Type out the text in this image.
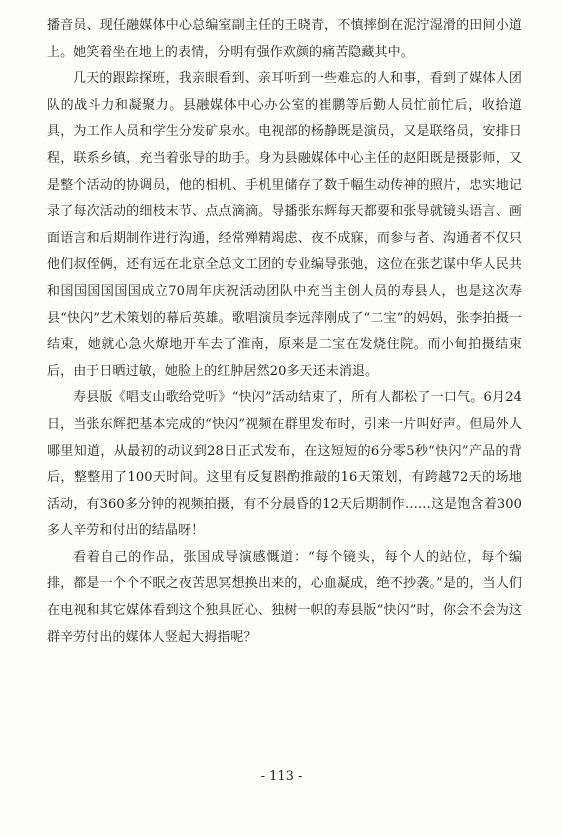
播音员、现任融媒体中心总编室副主任的王晓青，不慎摔倒在泥泞湿滑的田间小道上。她笑着坐在地上的表情，分明有强作欢颜的痛苦隐藏其中。

几天的跟踪探班，我亲眼看到、亲耳听到一些难忘的人和事，看到了媒体人团队的战斗力和凝聚力。县融媒体中心办公室的崔鹏等后勤人员忙前忙后，收拾道具，为工作人员和学生分发矿泉水。电视部的杨静既是演员，又是联络员，安排日程，联系乡镇，充当着张导的助手。身为县融媒体中心主任的赵阳既是摄影师，又是整个活动的协调员，他的相机、手机里储存了数千幅生动传神的照片，忠实地记录了每次活动的细枝末节、点点滴滴。导播张东辉每天都要和张导就镜头语言、画面语言和后期制作进行沟通，经常殚精竭虑、夜不成寐，而参与者、沟通者不仅只他们叔侄俩，还有远在北京全总文工团的专业编导张弛，这位在张艺谋中华人民共和国国国国国国成立70周年庆祝活动团队中充当主创人员的寿县人，也是这次寿县“快闪”艺术策划的幕后英雄。歌唱演员李远萍刚成了“二宝”的妈妈，张李拍摄一结束，她就心急火燎地开车去了淮南，原来是二宝在发烧住院。而小甸拍摄结束后，由于日晒过敏，她脸上的红肿居然20多天还未消退。

寿县版《唱支山歌给党听》“快闪”活动结束了，所有人都松了一口气。6月24日，当张东辉把基本完成的“快闪”视频在群里发布时，引来一片叫好声。但局外人哪里知道，从最初的动议到28日正式发布，在这短短的6分零5秒“快闪”产品的背后，整整用了100天时间。这里有反复斟酌推敲的16天策划，有跨越72天的场地活动，有360多分钟的视频拍摄，有不分晨昏的12天后期制作……这是饱含着300多人辛劳和付出的结晶呀！

看着自己的作品，张国成导演感慨道：“每个镜头，每个人的站位，每个编排，都是一个个不眠之夜苦思冥想换出来的，心血凝成，绝不抄袭。”是的，当人们在电视和其它媒体看到这个独具匠心、独树一帜的寿县版“快闪”时，你会不会为这群辛劳付出的媒体人竖起大拇指呢？

- 113 -
